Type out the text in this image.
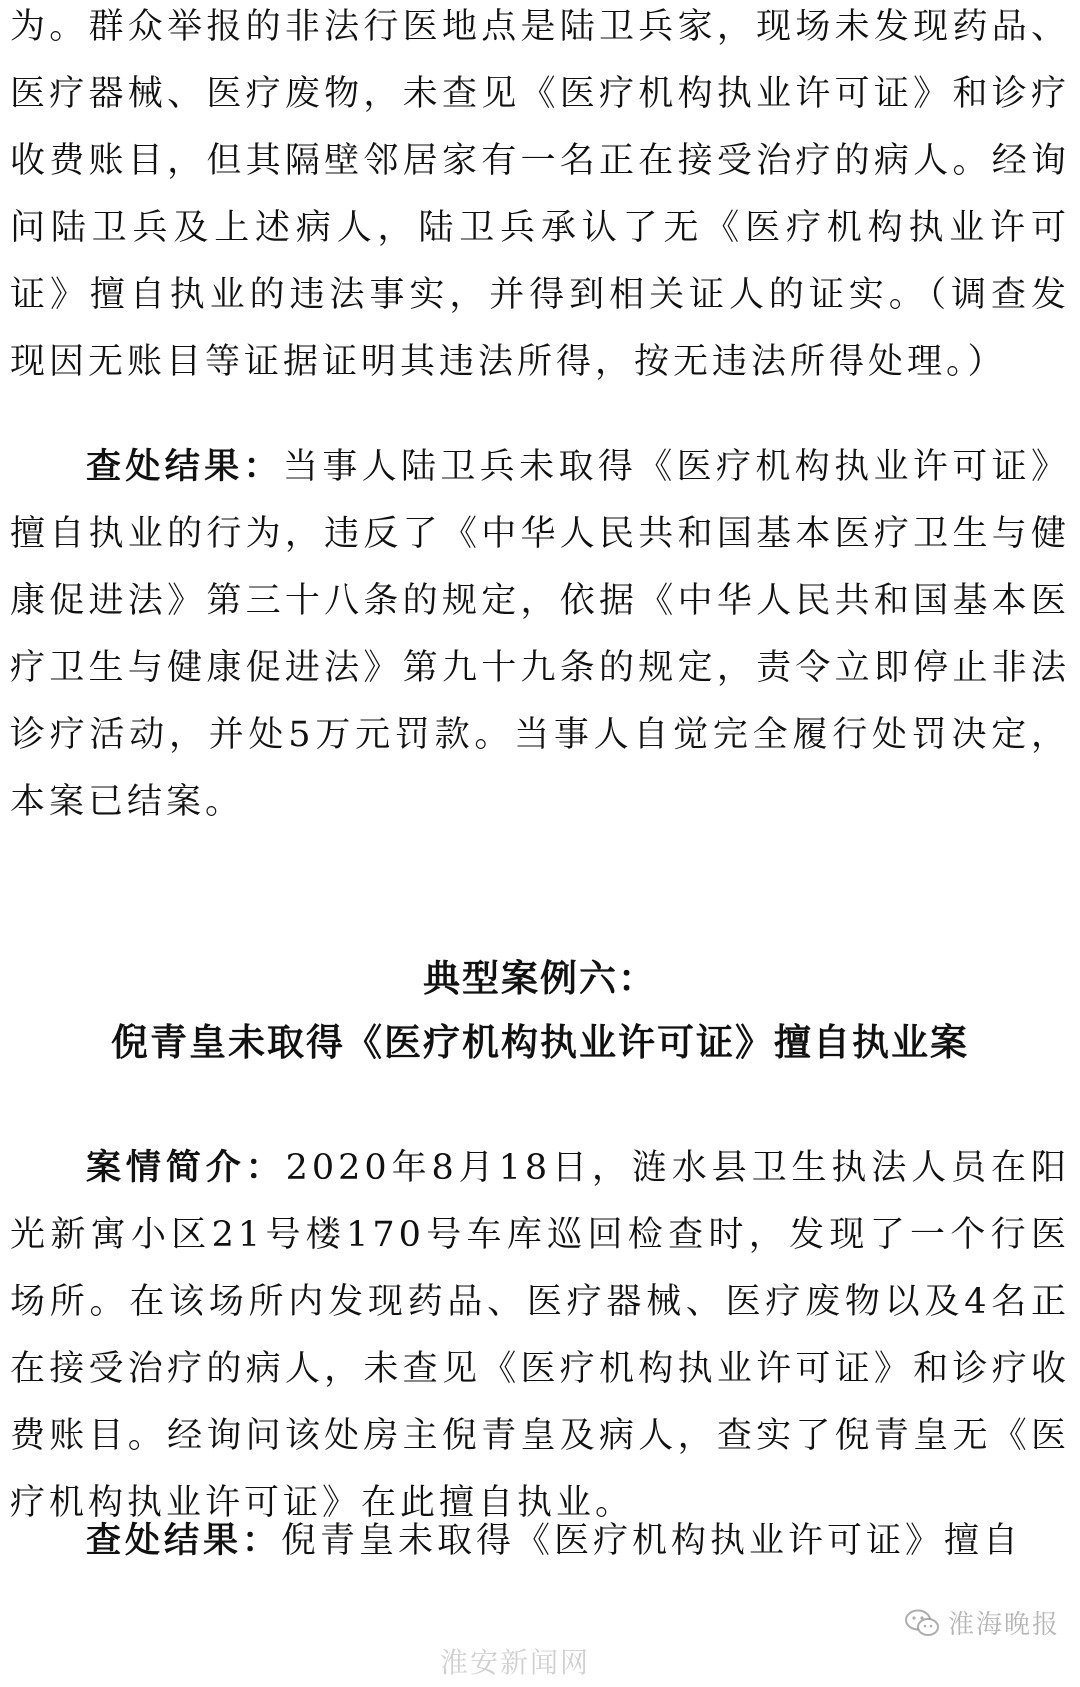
为。群众举报的非法行医地点是陆卫兵家，现场未发现药品、医疗器械、医疗废物，未查见《医疗机构执业许可证》和诊疗收费账目，但其隔壁邻居家有一名正在接受治疗的病人。经询问陆卫兵及上述病人，陆卫兵承认了无《医疗机构执业许可证》擅自执业的违法事实，并得到相关证人的证实。（调查发现因无账目等证据证明其违法所得，按无违法所得处理。）

查处结果：当事人陆卫兵未取得《医疗机构执业许可证》擅自执业的行为，违反了《中华人民共和国基本医疗卫生与健康促进法》第三十八条的规定，依据《中华人民共和国基本医疗卫生与健康促进法》第九十九条的规定，责令立即停止非法诊疗活动，并处5万元罚款。当事人自觉完全履行处罚决定，本案已结案。

典型案例六：
倪青皇未取得《医疗机构执业许可证》擅自执业案

案情简介：2020年8月18日，涟水县卫生执法人员在阳光新寓小区21号楼170号车库巡回检查时，发现了一个行医场所。在该场所内发现药品、医疗器械、医疗废物以及4名正在接受治疗的病人，未查见《医疗机构执业许可证》和诊疗收费账目。经询问该处房主倪青皇及病人，查实了倪青皇无《医疗机构执业许可证》在此擅自执业。

查处结果：倪青皇未取得《医疗机构执业许可证》擅自

淮海晚报
淮安新闻网
